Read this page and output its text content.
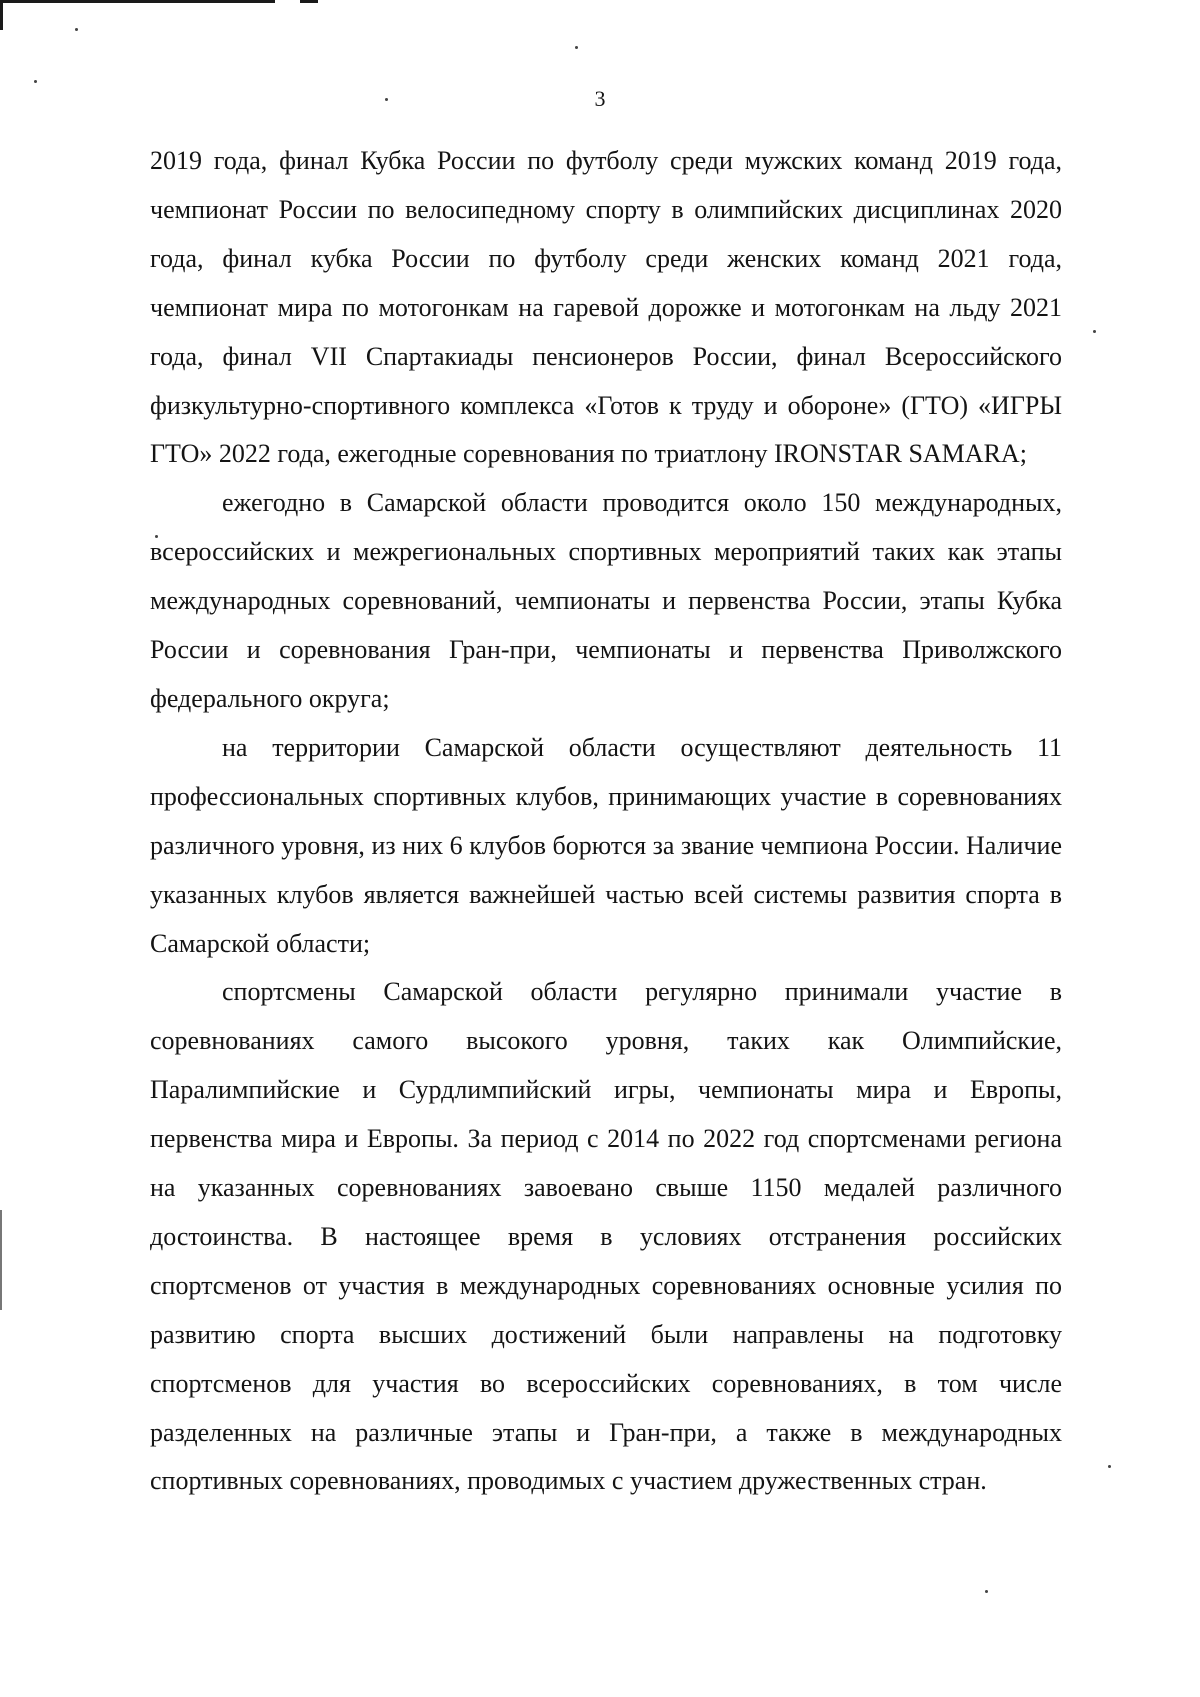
3

2019 года, финал Кубка России по футболу среди мужских команд 2019 года, чемпионат России по велосипедному спорту в олимпийских дисциплинах 2020 года, финал кубка России по футболу среди женских команд 2021 года, чемпионат мира по мотогонкам на гаревой дорожке и мотогонкам на льду 2021 года, финал VII Спартакиады пенсионеров России, финал Всероссийского физкультурно-спортивного комплекса «Готов к труду и обороне» (ГТО) «ИГРЫ ГТО» 2022 года, ежегодные соревнования по триатлону IRONSTAR SAMARA;

ежегодно в Самарской области проводится около 150 международных, всероссийских и межрегиональных спортивных мероприятий таких как этапы международных соревнований, чемпионаты и первенства России, этапы Кубка России и соревнования Гран-при, чемпионаты и первенства Приволжского федерального округа;

на территории Самарской области осуществляют деятельность 11 профессиональных спортивных клубов, принимающих участие в соревнованиях различного уровня, из них 6 клубов борются за звание чемпиона России. Наличие указанных клубов является важнейшей частью всей системы развития спорта в Самарской области;

спортсмены Самарской области регулярно принимали участие в соревнованиях самого высокого уровня, таких как Олимпийские, Паралимпийские и Сурдлимпийский игры, чемпионаты мира и Европы, первенства мира и Европы. За период с 2014 по 2022 год спортсменами региона на указанных соревнованиях завоевано свыше 1150 медалей различного достоинства. В настоящее время в условиях отстранения российских спортсменов от участия в международных соревнованиях основные усилия по развитию спорта высших достижений были направлены на подготовку спортсменов для участия во всероссийских соревнованиях, в том числе разделенных на различные этапы и Гран-при, а также в международных спортивных соревнованиях, проводимых с участием дружественных стран.
